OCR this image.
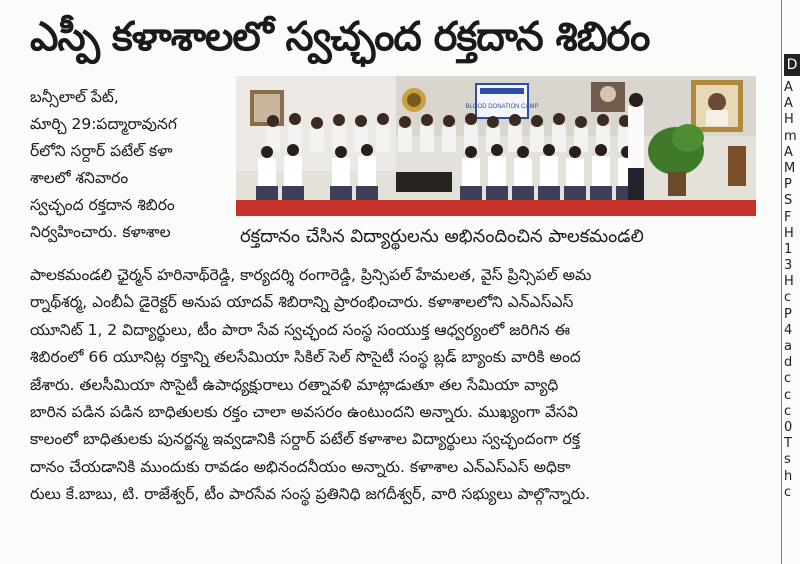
ఎస్పీ కళాశాలలో స్వచ్ఛంద రక్తదాన శిబిరం
BLOOD DONATION CAMP
రక్తదానం చేసిన విద్యార్థులను అభినందించిన పాలకమండలి

బన్సీలాల్ పేట్,

మార్చి 29:పద్మారావునగ

ర్‌లోని సర్దార్ పటేల్ కళా

శాలలో శనివారం

స్వచ్ఛంద రక్తదాన శిబిరం

నిర్వహించారు. కళాశాల

పాలకమండలి ఛైర్మన్ హరినాథ్‌రెడ్డి, కార్యదర్శి రంగారెడ్డి, ప్రిన్సిపల్ హేమలత, వైస్ ప్రిన్సిపల్ అమ

ర్నాథ్‌శర్మ, ఎంబీఏ డైరెక్టర్ అనుప యాదవ్ శిబిరాన్ని ప్రారంభించారు. కళాశాలలోని ఎన్ఎస్ఎస్

యూనిట్ 1, 2 విద్యార్థులు, టీం పారా సేవ స్వచ్ఛంద సంస్థ సంయుక్త ఆధ్వర్యంలో జరిగిన ఈ

శిబిరంలో 66 యూనిట్ల రక్తాన్ని తలసేమియా సికిల్ సెల్ సొసైటీ సంస్థ బ్లడ్ బ్యాంకు వారికి అంద

జేశారు. తలసీమియా సొసైటీ ఉపాధ్యక్షురాలు రత్నావళి మాట్లాడుతూ తల సేమియా వ్యాధి

బారిన పడిన పడిన బాధితులకు రక్తం చాలా అవసరం ఉంటుందని అన్నారు. ముఖ్యంగా వేసవి

కాలంలో బాధితులకు పునర్జన్మ ఇవ్వడానికి సర్దార్ పటేల్ కళాశాల విద్యార్థులు స్వచ్ఛందంగా రక్త

దానం చేయడానికి ముందుకు రావడం అభినందనీయం అన్నారు. కళాశాల ఎన్ఎస్ఎస్ అధికా

రులు కే.బాబు, టి. రాజేశ్వర్, టీం పారసేవ సంస్థ ప్రతినిధి జగదీశ్వర్, వారి సభ్యులు పాల్గొన్నారు.

D
A
A
H
m
A
M
P
S
F
H
1
3
H
c
P
4
a
d
c
c
c
0
T
s
h
c
